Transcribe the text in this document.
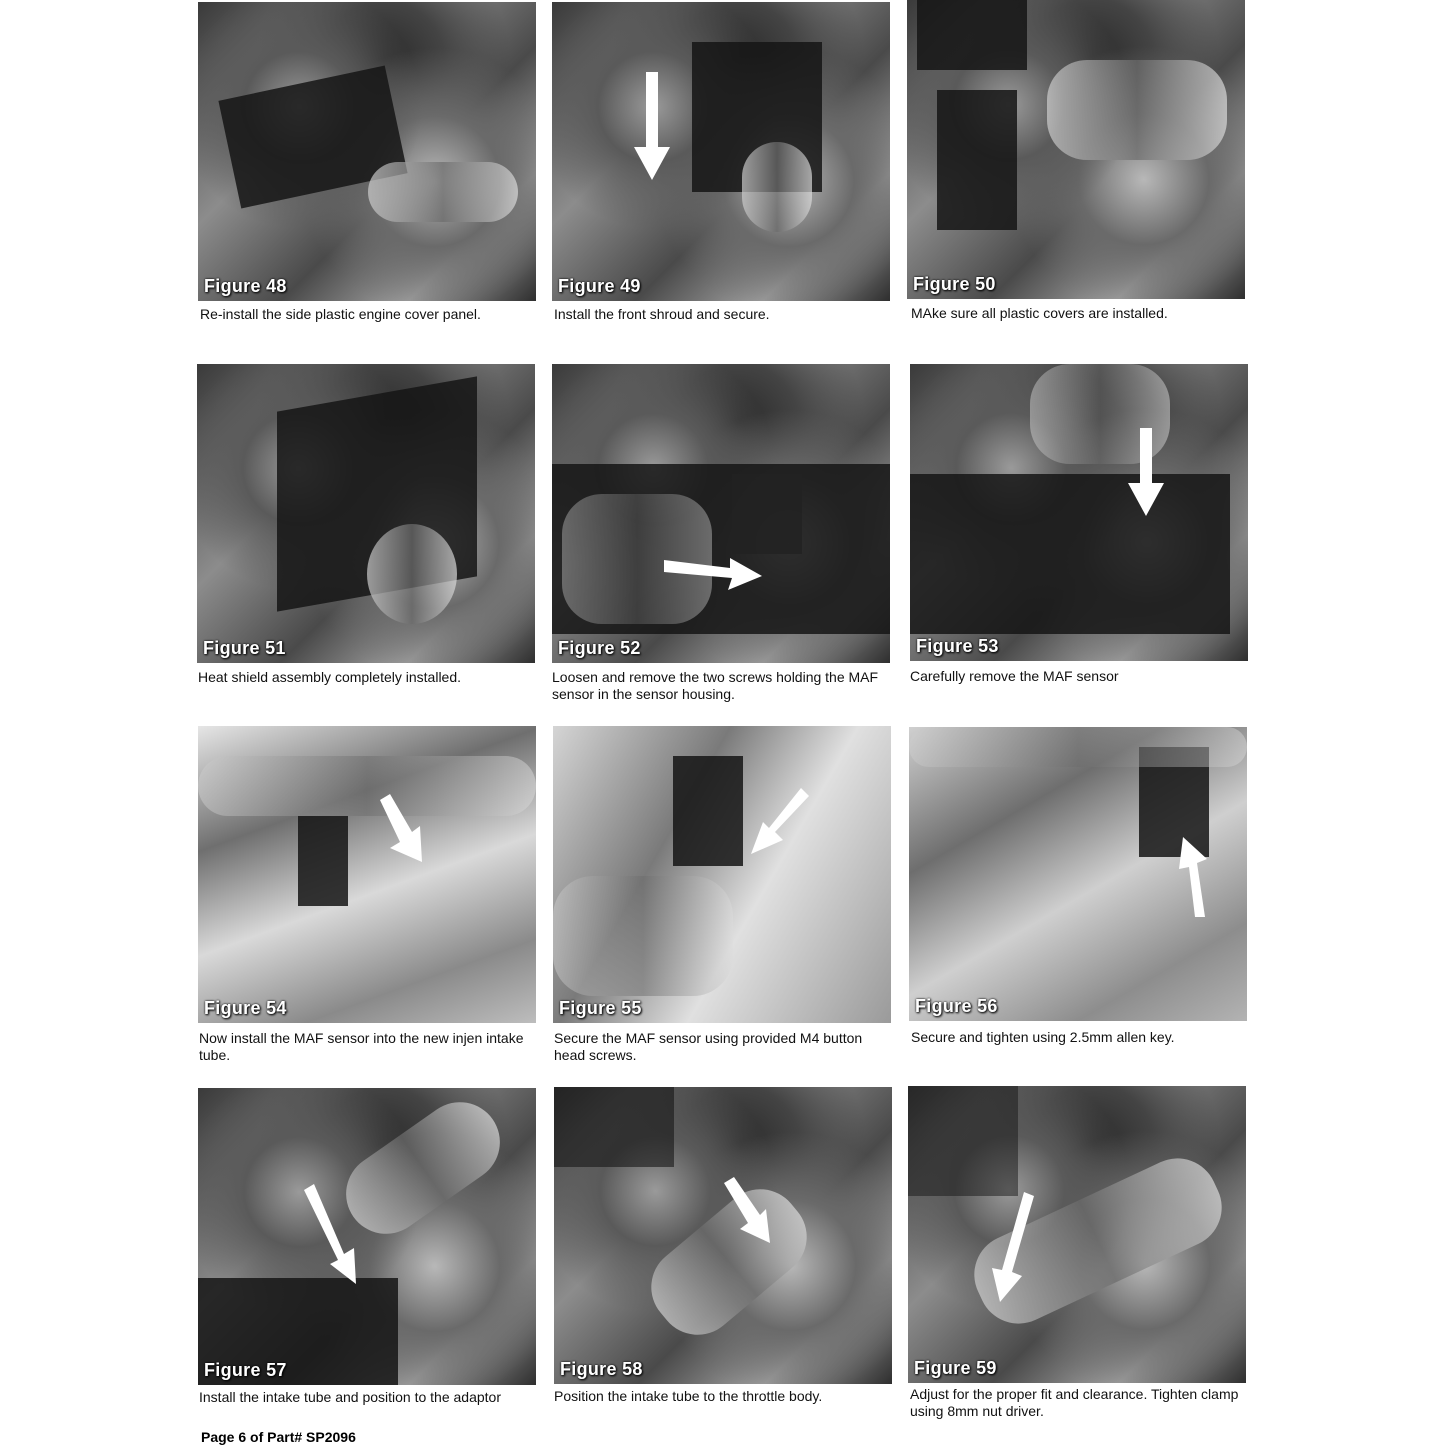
Figure 48
Re-install the side plastic engine cover panel.
Figure 49
Install the front shroud and secure.
Figure 50
MAke sure all plastic covers are installed.
Figure 51
Heat shield assembly completely installed.
Figure 52
Loosen and remove the two screws holding the MAF sensor in the sensor housing.
Figure 53
Carefully remove the MAF sensor
Figure 54
Now install the MAF sensor into the new injen intake tube.
Figure 55
Secure the MAF sensor using provided M4 button head screws.
Figure 56
Secure and tighten using 2.5mm allen key.
Figure 57
Install the intake tube and position to the adaptor
Figure 58
Position the intake tube to the throttle body.
Figure 59
Adjust for the proper fit and clearance. Tighten clamp using 8mm nut driver.
Page 6 of Part# SP2096
